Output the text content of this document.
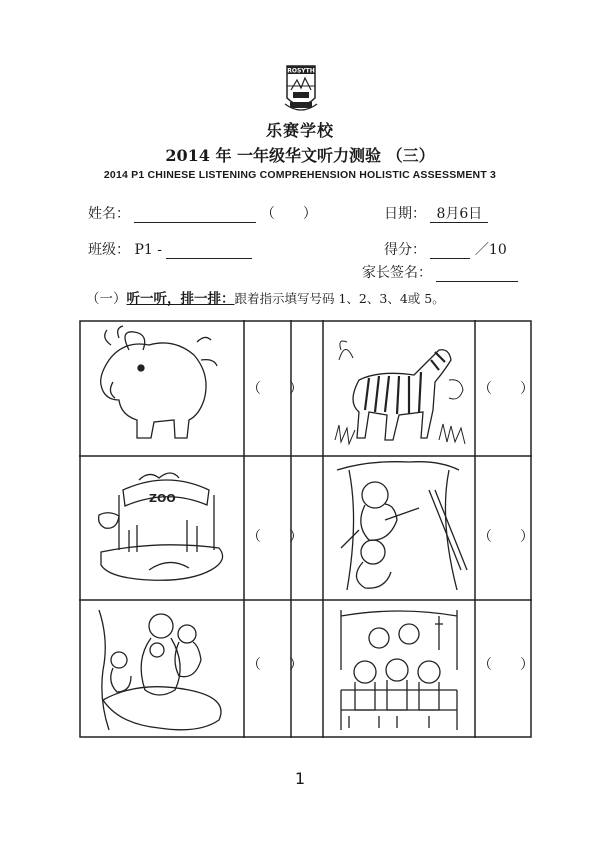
ROSYTH
乐赛学校
2014 年 一年级华文听力测验 （三）
2014 P1 CHINESE LISTENING COMPREHENSION HOLISTIC ASSESSMENT 3
姓名：	（　　）	日期： 8月6日
班级： P1 -	得分：	／10
家长签名：
（一）听一听，排一排：跟着指示填写号码 1、2、3、4或 5。
ZOO
（　　）	（　　）
（　　）	（　　）
（　　）	（　　）
1
